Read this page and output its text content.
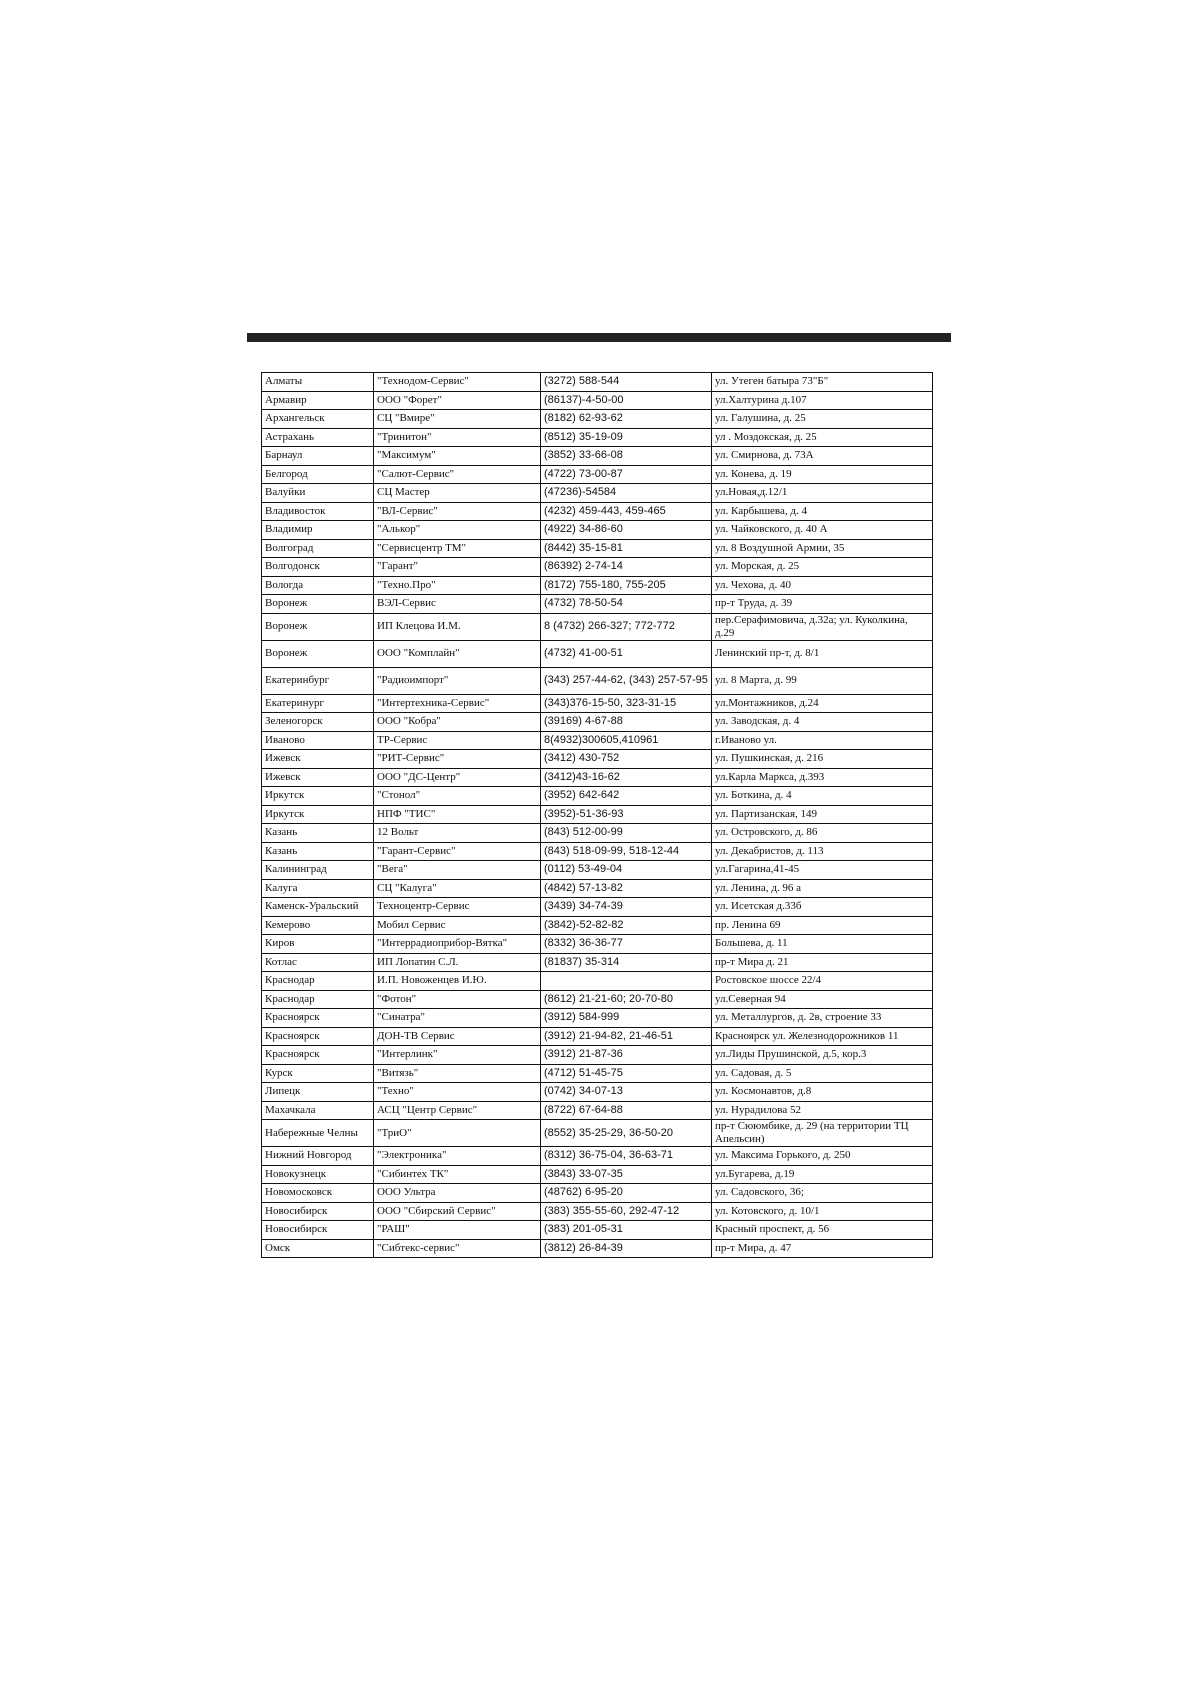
Алматы	"Технодом-Сервис"	(3272) 588-544	ул. Утеген батыра 73"Б"
Армавир	ООО "Форет"	(86137)-4-50-00	ул.Халтурина д.107
Архангельск	СЦ "Вмире"	(8182) 62-93-62	ул. Галушина, д. 25
Астрахань	"Тринитон"	(8512) 35-19-09	ул . Моздокская, д. 25
Барнаул	"Максимум"	(3852) 33-66-08	ул. Смирнова, д. 73А
Белгород	"Салют-Сервис"	(4722) 73-00-87	ул. Конева, д. 19
Валуйки	СЦ Мастер	(47236)-54584	ул.Новая,д.12/1
Владивосток	"ВЛ-Сервис"	(4232) 459-443, 459-465	ул. Карбышева, д. 4
Владимир	"Алькор"	(4922) 34-86-60	ул. Чайковского, д. 40 А
Волгоград	"Сервисцентр ТМ"	(8442) 35-15-81	ул. 8 Воздушной Армии, 35
Волгодонск	"Гарант"	(86392) 2-74-14	ул. Морская, д. 25
Вологда	"Техно.Про"	(8172) 755-180, 755-205	ул. Чехова, д. 40
Воронеж	ВЭЛ-Сервис	(4732) 78-50-54	пр-т Труда, д. 39
Воронеж	ИП Клецова И.М.	8 (4732) 266-327; 772-772	пер.Серафимовича, д.32а; ул. Куколкина, д.29
Воронеж	ООО "Комплайн"	(4732) 41-00-51	Ленинский пр-т, д. 8/1
Екатеринбург	"Радиоимпорт"	(343) 257-44-62, (343) 257-57-95	ул. 8 Марта, д. 99
Екатеринург	"Интертехника-Сервис"	(343)376-15-50, 323-31-15	ул.Монтажников, д.24
Зеленогорск	ООО "Кобра"	(39169) 4-67-88	ул. Заводская, д. 4
Иваново	ТР-Сервис	8(4932)300605,410961	г.Иваново ул.
Ижевск	"РИТ-Сервис"	(3412) 430-752	ул. Пушкинская, д. 216
Ижевск	ООО "ДС-Центр"	(3412)43-16-62	ул.Карла Маркса, д.393
Иркутск	"Стонол"	(3952) 642-642	ул. Боткина, д. 4
Иркутск	НПФ "ТИС"	(3952)-51-36-93	ул. Партизанская, 149
Казань	12 Вольт	(843) 512-00-99	ул. Островского, д. 86
Казань	"Гарант-Сервис"	(843) 518-09-99, 518-12-44	ул. Декабристов, д. 113
Калининград	"Вега"	(0112) 53-49-04	ул.Гагарина,41-45
Калуга	СЦ "Калуга"	(4842) 57-13-82	ул. Ленина, д. 96 а
Каменск-Уральский	Техноцентр-Сервис	(3439) 34-74-39	ул. Исетская д.33б
Кемерово	Мобил Сервис	(3842)-52-82-82	пр. Ленина 69
Киров	"Интеррадиоприбор-Вятка"	(8332) 36-36-77	Большева, д. 11
Котлас	ИП Лопатин С.Л.	(81837) 35-314	пр-т Мира д. 21
Краснодар	И.П. Новоженцев И.Ю.		Ростовское шоссе 22/4
Краснодар	"Фотон"	(8612) 21-21-60; 20-70-80	ул.Северная 94
Красноярск	"Синатра"	(3912) 584-999	ул. Металлургов, д. 2в, строение 33
Красноярск	ДОН-ТВ Сервис	(3912) 21-94-82, 21-46-51	Красноярск ул. Железнодорожников 11
Красноярск	"Интерлинк"	(3912) 21-87-36	ул.Лиды Прушинской, д.5, кор.3
Курск	"Витязь"	(4712) 51-45-75	ул. Садовая, д. 5
Липецк	"Техно"	(0742) 34-07-13	ул. Космонавтов, д.8
Махачкала	АСЦ "Центр Сервис"	(8722) 67-64-88	ул. Нурадилова 52
Набережные Челны	"ТриО"	(8552) 35-25-29, 36-50-20	пр-т Сююмбике, д. 29 (на территории ТЦ Апельсин)
Нижний Новгород	"Электроника"	(8312) 36-75-04, 36-63-71	ул. Максима Горького, д. 250
Новокузнецк	"Сибинтех ТК"	(3843) 33-07-35	ул.Бугарева, д.19
Новомосковск	ООО Ультра	(48762) 6-95-20	ул. Садовского, 36;
Новосибирск	ООО "Сбирский Сервис"	(383) 355-55-60, 292-47-12	ул. Котовского, д. 10/1
Новосибирск	"РАШ"	(383) 201-05-31	Красный проспект, д. 56
Омск	"Сибтекс-сервис"	(3812) 26-84-39	пр-т Мира, д. 47
